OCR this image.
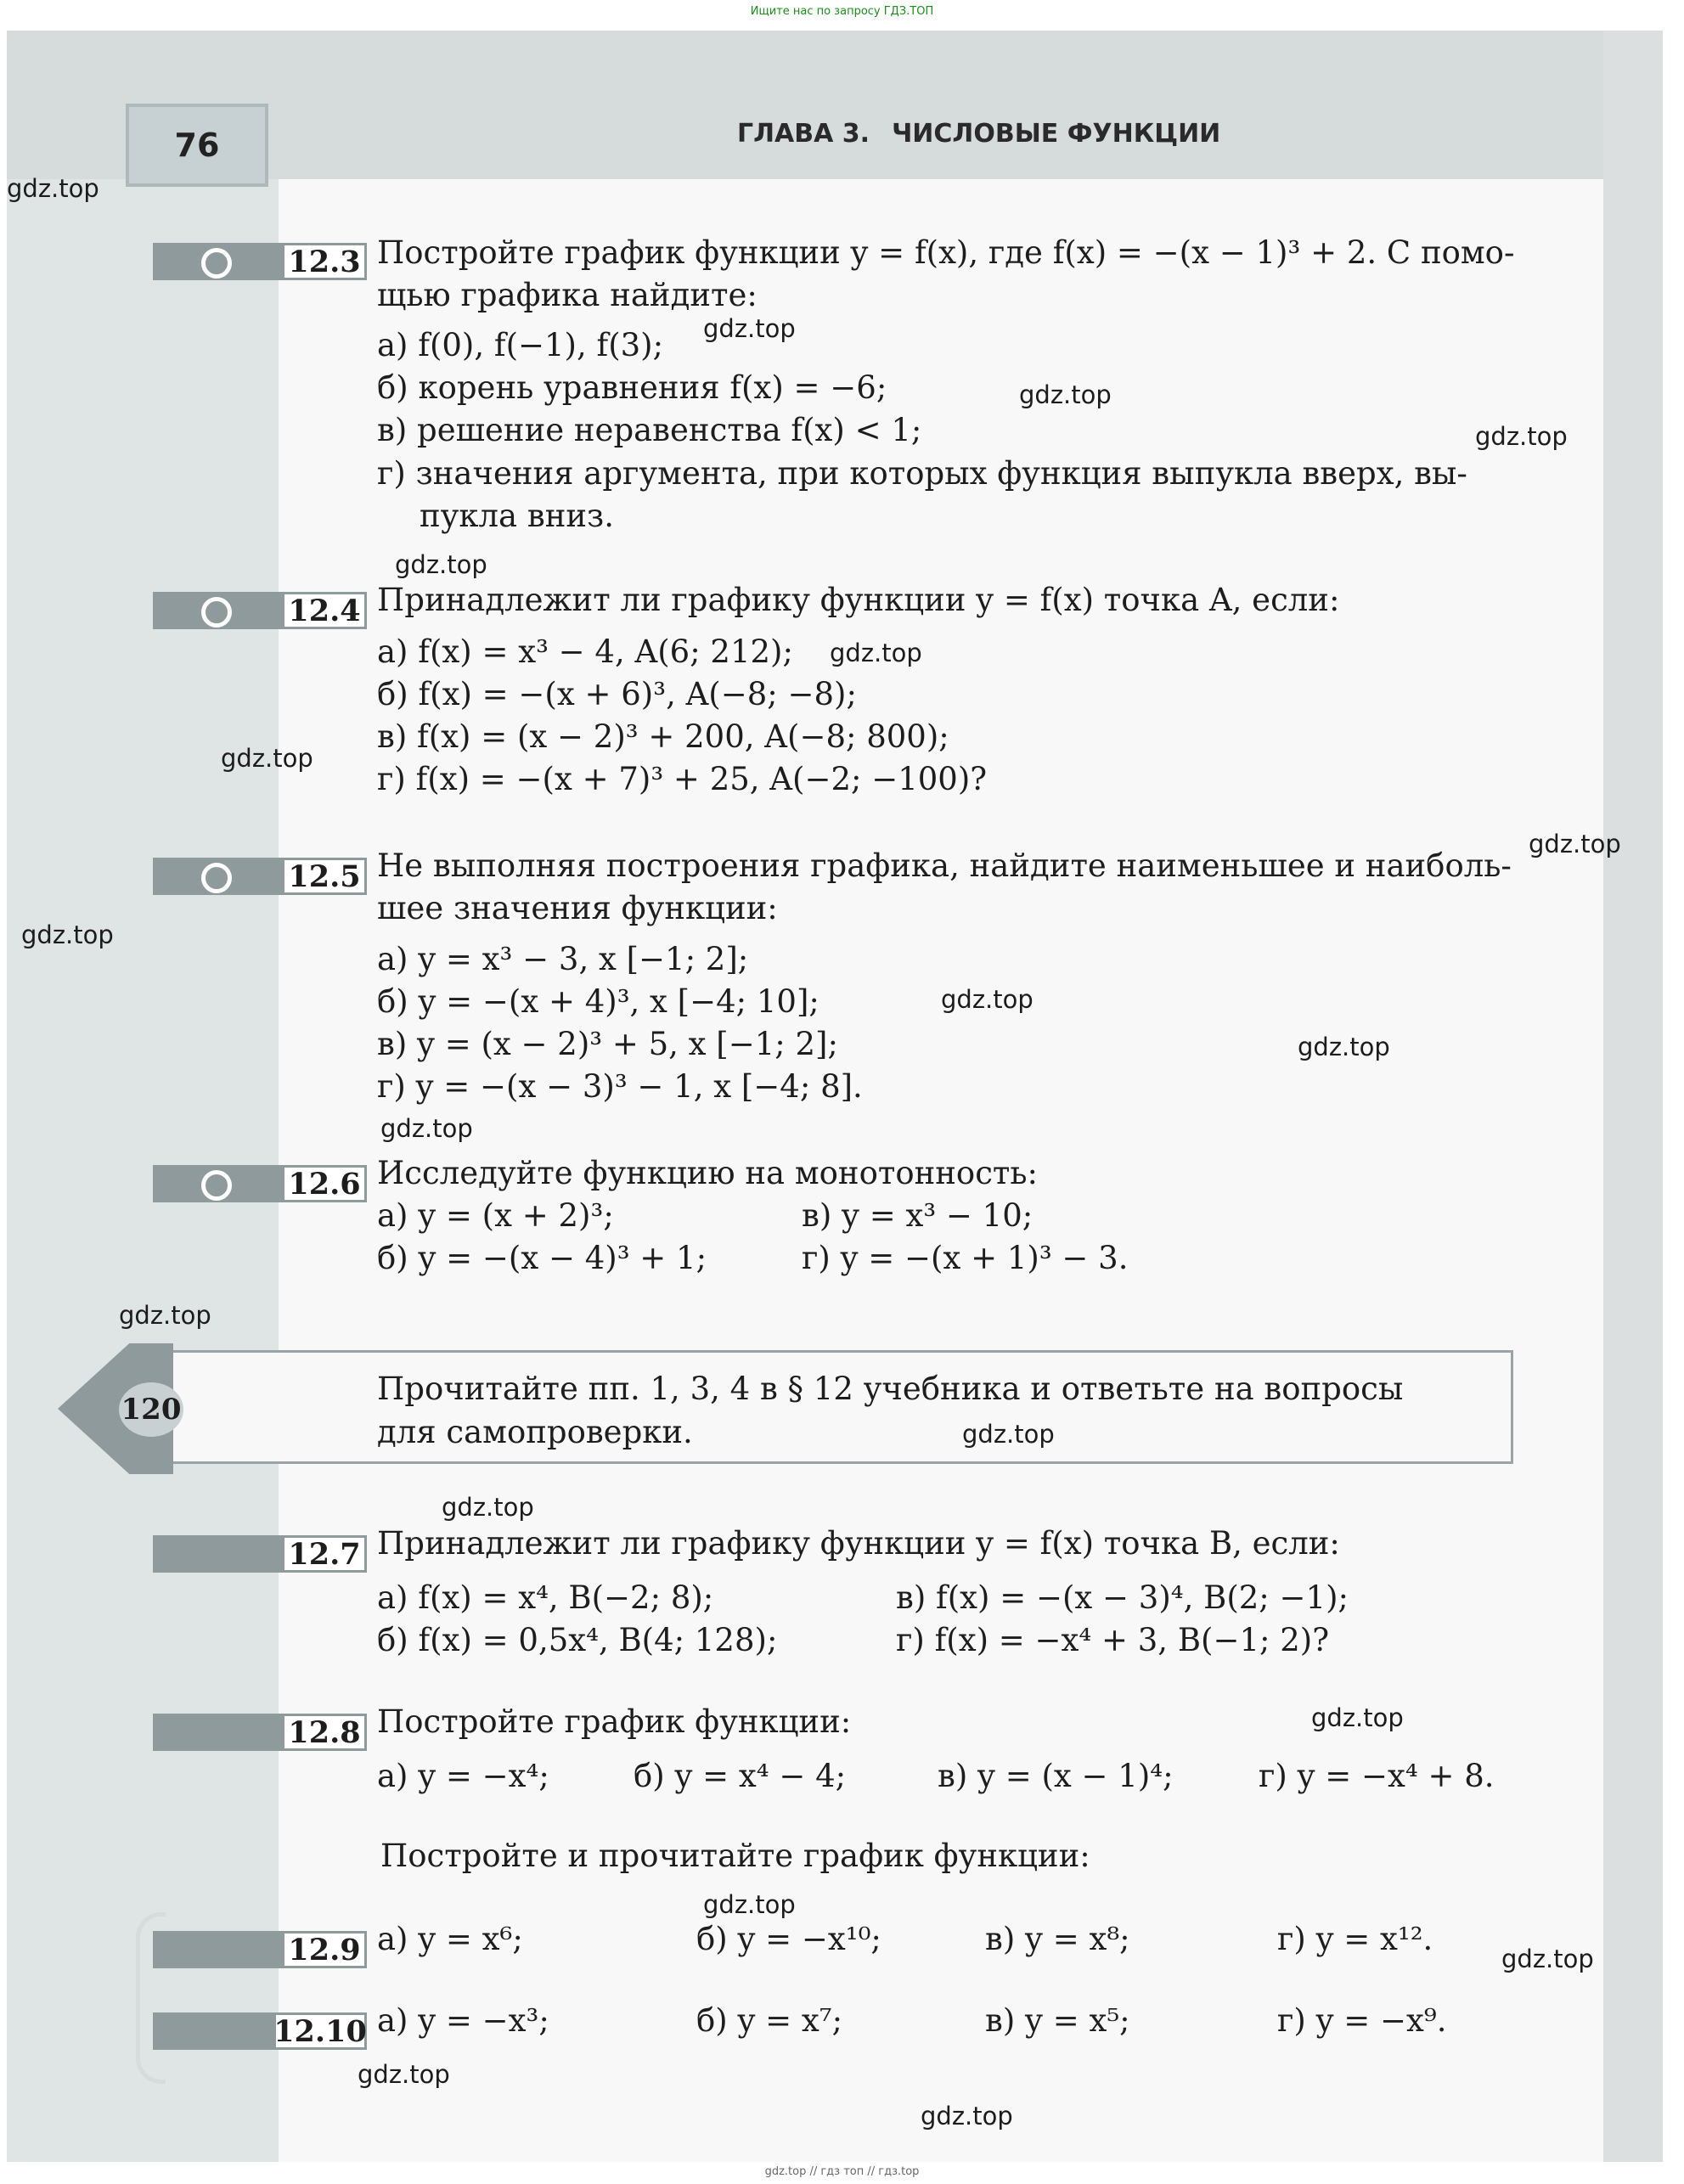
Ищите нас по запросу ГДЗ.ТОП
76	ГЛАВА 3. ЧИСЛОВЫЕ ФУНКЦИИ
12.3 Постройте график функции y = f(x), где f(x) = −(x − 1)³ + 2. С помо-
щью графика найдите:
а) f(0), f(−1), f(3);
б) корень уравнения f(x) = −6;
в) решение неравенства f(x) < 1;
г) значения аргумента, при которых функция выпукла вверх, вы-
пукла вниз.
12.4 Принадлежит ли графику функции y = f(x) точка A, если:
а) f(x) = x³ − 4, A(6; 212);
б) f(x) = −(x + 6)³, A(−8; −8);
в) f(x) = (x − 2)³ + 200, A(−8; 800);
г) f(x) = −(x + 7)³ + 25, A(−2; −100)?
12.5 Не выполняя построения графика, найдите наименьшее и наиболь-
шее значения функции:
а) y = x³ − 3, x [−1; 2];
б) y = −(x + 4)³, x [−4; 10];
в) y = (x − 2)³ + 5, x [−1; 2];
г) y = −(x − 3)³ − 1, x [−4; 8].
12.6 Исследуйте функцию на монотонность:
а) y = (x + 2)³;	в) y = x³ − 10;
б) y = −(x − 4)³ + 1;	г) y = −(x + 1)³ − 3.
120
Прочитайте пп. 1, 3, 4 в § 12 учебника и ответьте на вопросы
для самопроверки.
12.7 Принадлежит ли графику функции y = f(x) точка B, если:
а) f(x) = x⁴, B(−2; 8);	в) f(x) = −(x − 3)⁴, B(2; −1);
б) f(x) = 0,5x⁴, B(4; 128);	г) f(x) = −x⁴ + 3, B(−1; 2)?
12.8 Постройте график функции:
а) y = −x⁴;	б) y = x⁴ − 4;	в) y = (x − 1)⁴;	г) y = −x⁴ + 8.
Постройте и прочитайте график функции:
12.9 а) y = x⁶;	б) y = −x¹⁰;	в) y = x⁸;	г) y = x¹².
12.10 а) y = −x³;	б) y = x⁷;	в) y = x⁵;	г) y = −x⁹.
gdz.top
gdz.top
gdz.top
gdz.top
gdz.top
gdz.top
gdz.top
gdz.top
gdz.top
gdz.top
gdz.top
gdz.top
gdz.top
gdz.top
gdz.top
gdz.top
gdz.top
gdz.top
gdz.top
gdz.top
gdz.top // гдз топ // гдз.top
